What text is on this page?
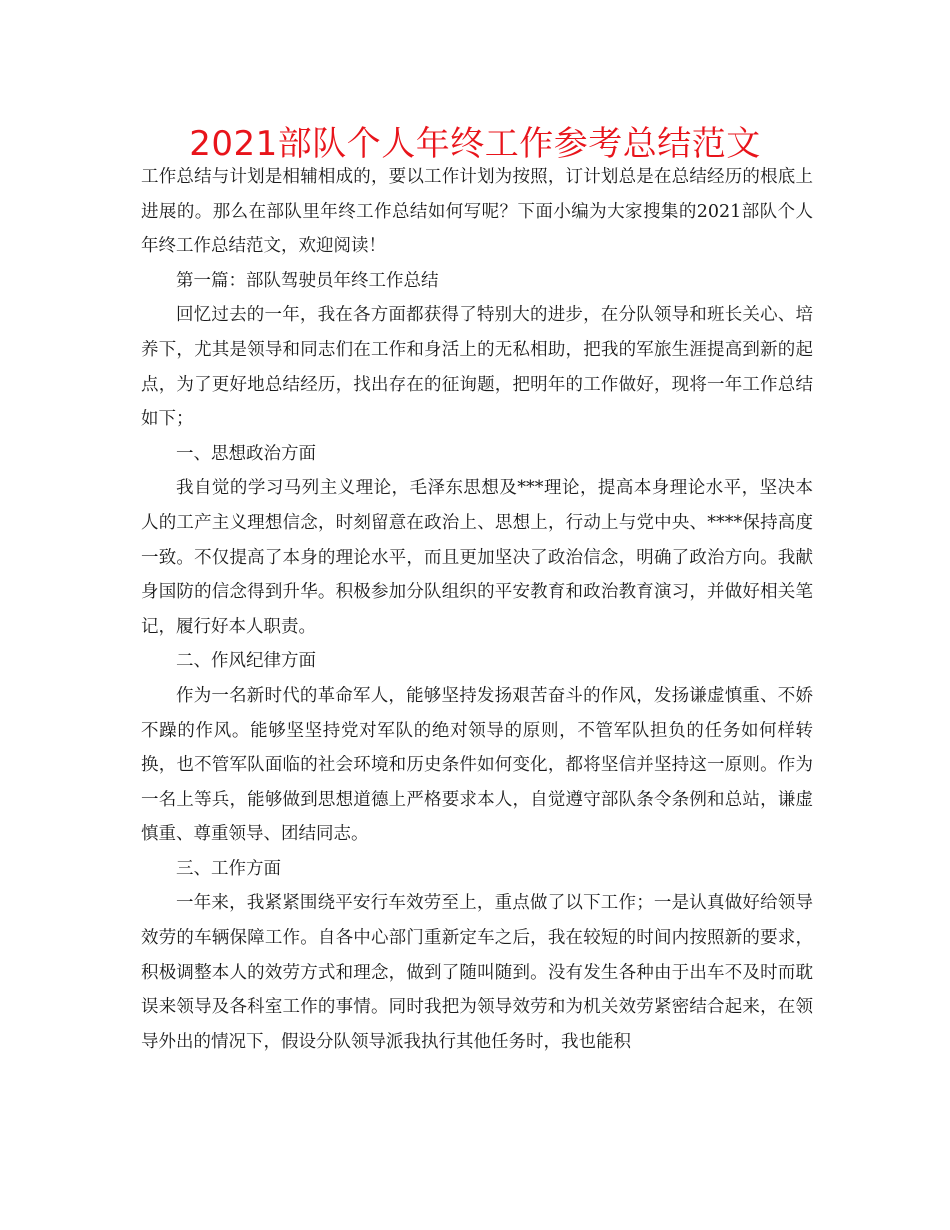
2021部队个人年终工作参考总结范文

工作总结与计划是相辅相成的，要以工作计划为按照，订计划总是在总结经历的根底上进展的。那么在部队里年终工作总结如何写呢？下面小编为大家搜集的2021部队个人年终工作总结范文，欢迎阅读！

第一篇：部队驾驶员年终工作总结

回忆过去的一年，我在各方面都获得了特别大的进步，在分队领导和班长关心、培养下，尤其是领导和同志们在工作和身活上的无私相助，把我的军旅生涯提高到新的起点，为了更好地总结经历，找出存在的征询题，把明年的工作做好，现将一年工作总结如下；

一、思想政治方面

我自觉的学习马列主义理论，毛泽东思想及***理论，提高本身理论水平，坚决本人的工产主义理想信念，时刻留意在政治上、思想上，行动上与党中央、****保持高度一致。不仅提高了本身的理论水平，而且更加坚决了政治信念，明确了政治方向。我献身国防的信念得到升华。积极参加分队组织的平安教育和政治教育演习，并做好相关笔记，履行好本人职责。

二、作风纪律方面

作为一名新时代的革命军人，能够坚持发扬艰苦奋斗的作风，发扬谦虚慎重、不娇不躁的作风。能够坚坚持党对军队的绝对领导的原则，不管军队担负的任务如何样转换，也不管军队面临的社会环境和历史条件如何变化，都将坚信并坚持这一原则。作为一名上等兵，能够做到思想道德上严格要求本人，自觉遵守部队条令条例和总站，谦虚慎重、尊重领导、团结同志。

三、工作方面

一年来，我紧紧围绕平安行车效劳至上，重点做了以下工作；一是认真做好给领导效劳的车辆保障工作。自各中心部门重新定车之后，我在较短的时间内按照新的要求，积极调整本人的效劳方式和理念，做到了随叫随到。没有发生各种由于出车不及时而耽误来领导及各科室工作的事情。同时我把为领导效劳和为机关效劳紧密结合起来，在领导外出的情况下，假设分队领导派我执行其他任务时，我也能积
